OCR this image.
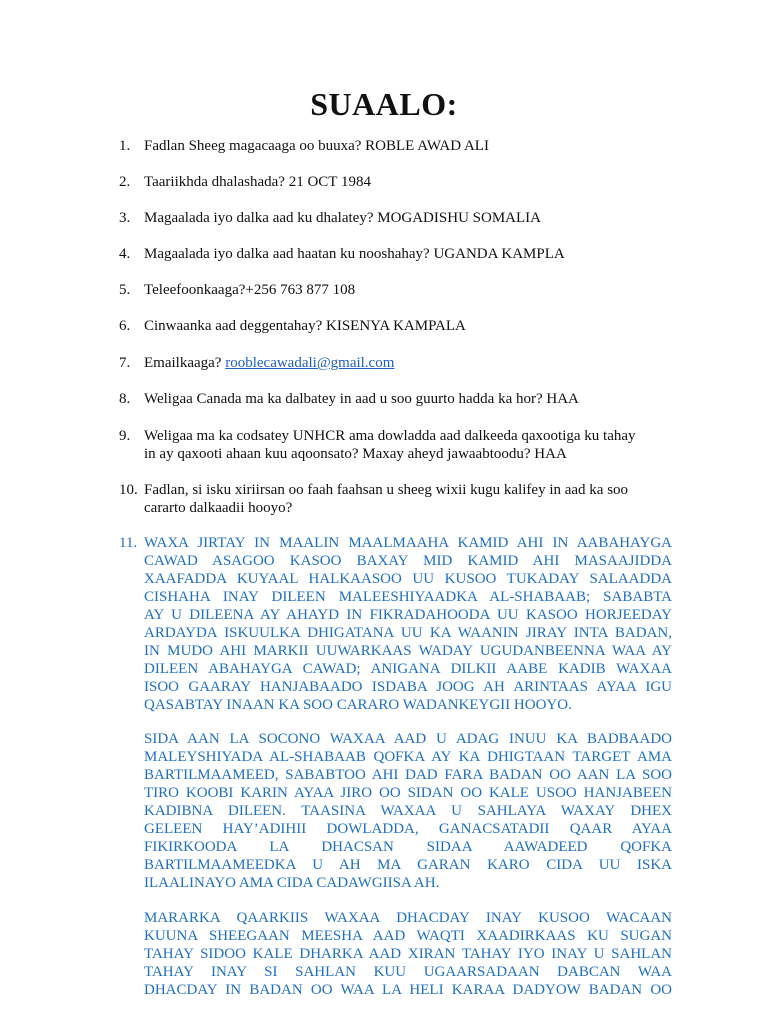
SUAALO:
1. Fadlan Sheeg magacaaga oo buuxa? ROBLE AWAD ALI
2. Taariikhda dhalashada? 21 OCT 1984
3. Magaalada iyo dalka aad ku dhalatey? MOGADISHU SOMALIA
4. Magaalada iyo dalka aad haatan ku nooshahay? UGANDA KAMPLA
5. Teleefoonkaaga?+256 763 877 108
6. Cinwaanka aad deggentahay? KISENYA KAMPALA
7. Emailkaaga? rooblecawadali@gmail.com
8. Weligaa Canada ma ka dalbatey in aad u soo guurto hadda ka hor? HAA
9. Weligaa ma ka codsatey UNHCR ama dowladda aad dalkeeda qaxootiga ku tahay
in ay qaxooti ahaan kuu aqoonsato? Maxay aheyd jawaabtoodu? HAA
10. Fadlan, si isku xiriirsan oo faah faahsan u sheeg wixii kugu kalifey in aad ka soo
cararto dalkaadii hooyo?
11. WAXA JIRTAY IN MAALIN MAALMAAHA KAMID AHI IN AABAHAYGA
CAWAD ASAGOO KASOO BAXAY MID KAMID AHI MASAAJIDDA
XAAFADDA KUYAAL HALKAASOO UU KUSOO TUKADAY SALAADDA
CISHAHA INAY DILEEN MALEESHIYAADKA AL-SHABAAB; SABABTA
AY U DILEENA AY AHAYD IN FIKRADAHOODA UU KASOO HORJEEDAY
ARDAYDA ISKUULKA DHIGATANA UU KA WAANIN JIRAY INTA BADAN,
IN MUDO AHI MARKII UUWARKAAS WADAY UGUDANBEENNA WAA AY
DILEEN ABAHAYGA CAWAD; ANIGANA DILKII AABE KADIB WAXAA
ISOO GAARAY HANJABAADO ISDABA JOOG AH ARINTAAS AYAA IGU
QASABTAY INAAN KA SOO CARARO WADANKEYGII HOOYO.
SIDA AAN LA SOCONO WAXAA AAD U ADAG INUU KA BADBAADO
MALEYSHIYADA AL-SHABAAB QOFKA AY KA DHIGTAAN TARGET AMA
BARTILMAAMEED, SABABTOO AHI DAD FARA BADAN OO AAN LA SOO
TIRO KOOBI KARIN AYAA JIRO OO SIDAN OO KALE USOO HANJABEEN
KADIBNA DILEEN. TAASINA WAXAA U SAHLAYA WAXAY DHEX
GELEEN HAY’ADIHII DOWLADDA, GANACSATADII QAAR AYAA
FIKIRKOODA LA DHACSAN SIDAA AAWADEED QOFKA
BARTILMAAMEEDKA U AH MA GARAN KARO CIDA UU ISKA
ILAALINAYO AMA CIDA CADAWGIISA AH.
MARARKA QAARKIIS WAXAA DHACDAY INAY KUSOO WACAAN
KUUNA SHEEGAAN MEESHA AAD WAQTI XAADIRKAAS KU SUGAN
TAHAY SIDOO KALE DHARKA AAD XIRAN TAHAY IYO INAY U SAHLAN
TAHAY INAY SI SAHLAN KUU UGAARSADAAN DABCAN WAA
DHACDAY IN BADAN OO WAA LA HELI KARAA DADYOW BADAN OO
